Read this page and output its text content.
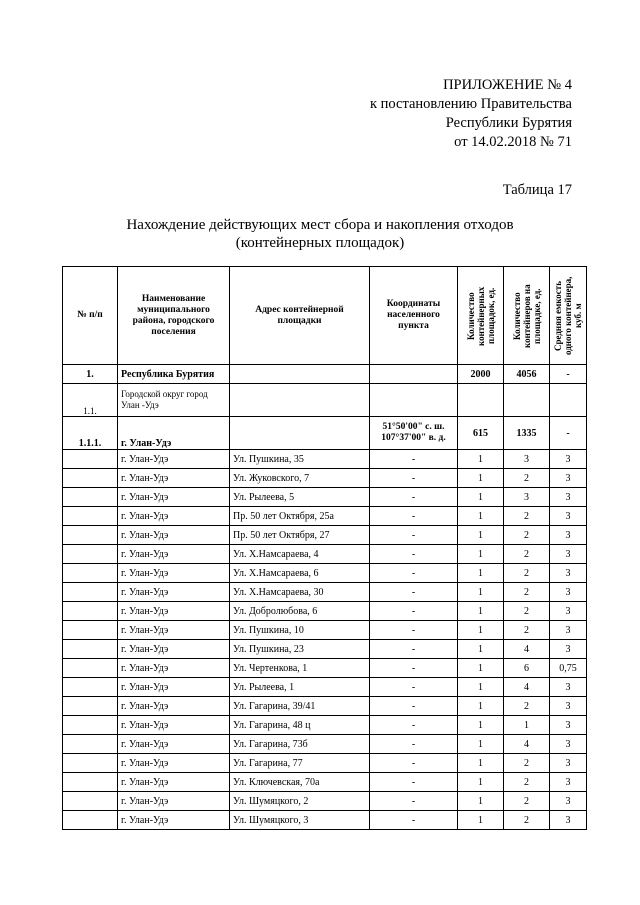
ПРИЛОЖЕНИЕ № 4
к постановлению Правительства
Республики Бурятия
от 14.02.2018 № 71
Таблица 17
Нахождение действующих мест сбора и накопления отходов
(контейнерных площадок)
№ п/п	Наименование муниципального района, городского поселения	Адрес контейнерной площадки	Координаты населенного пункта	Количество контейнерных площадок, ед.	Количество контейнеров на площадке, ед.	Средняя емкость одного контейнера, куб. м

1.	Республика Бурятия			2000	4056	-
1.1.	Городской округ город Улан -Удэ					
1.1.1.	г. Улан-Удэ		51°50'00" с. ш. 107°37'00" в. д.	615	1335	-
	г. Улан-Удэ	Ул. Пушкина, 35	-	1	3	3
	г. Улан-Удэ	Ул. Жуковского, 7	-	1	2	3
	г. Улан-Удэ	Ул. Рылеева, 5	-	1	3	3
	г. Улан-Удэ	Пр. 50 лет Октября, 25а	-	1	2	3
	г. Улан-Удэ	Пр. 50 лет Октября, 27	-	1	2	3
	г. Улан-Удэ	Ул. Х.Намсараева, 4	-	1	2	3
	г. Улан-Удэ	Ул. Х.Намсараева, 6	-	1	2	3
	г. Улан-Удэ	Ул. Х.Намсараева, 30	-	1	2	3
	г. Улан-Удэ	Ул. Добролюбова, 6	-	1	2	3
	г. Улан-Удэ	Ул. Пушкина, 10	-	1	2	3
	г. Улан-Удэ	Ул. Пушкина, 23	-	1	4	3
	г. Улан-Удэ	Ул. Чертенкова, 1	-	1	6	0,75
	г. Улан-Удэ	Ул. Рылеева, 1	-	1	4	3
	г. Улан-Удэ	Ул. Гагарина, 39/41	-	1	2	3
	г. Улан-Удэ	Ул. Гагарина, 48 ц	-	1	1	3
	г. Улан-Удэ	Ул. Гагарина, 73б	-	1	4	3
	г. Улан-Удэ	Ул. Гагарина, 77	-	1	2	3
	г. Улан-Удэ	Ул. Ключевская, 70а	-	1	2	3
	г. Улан-Удэ	Ул. Шумяцкого, 2	-	1	2	3
	г. Улан-Удэ	Ул. Шумяцкого, 3	-	1	2	3
